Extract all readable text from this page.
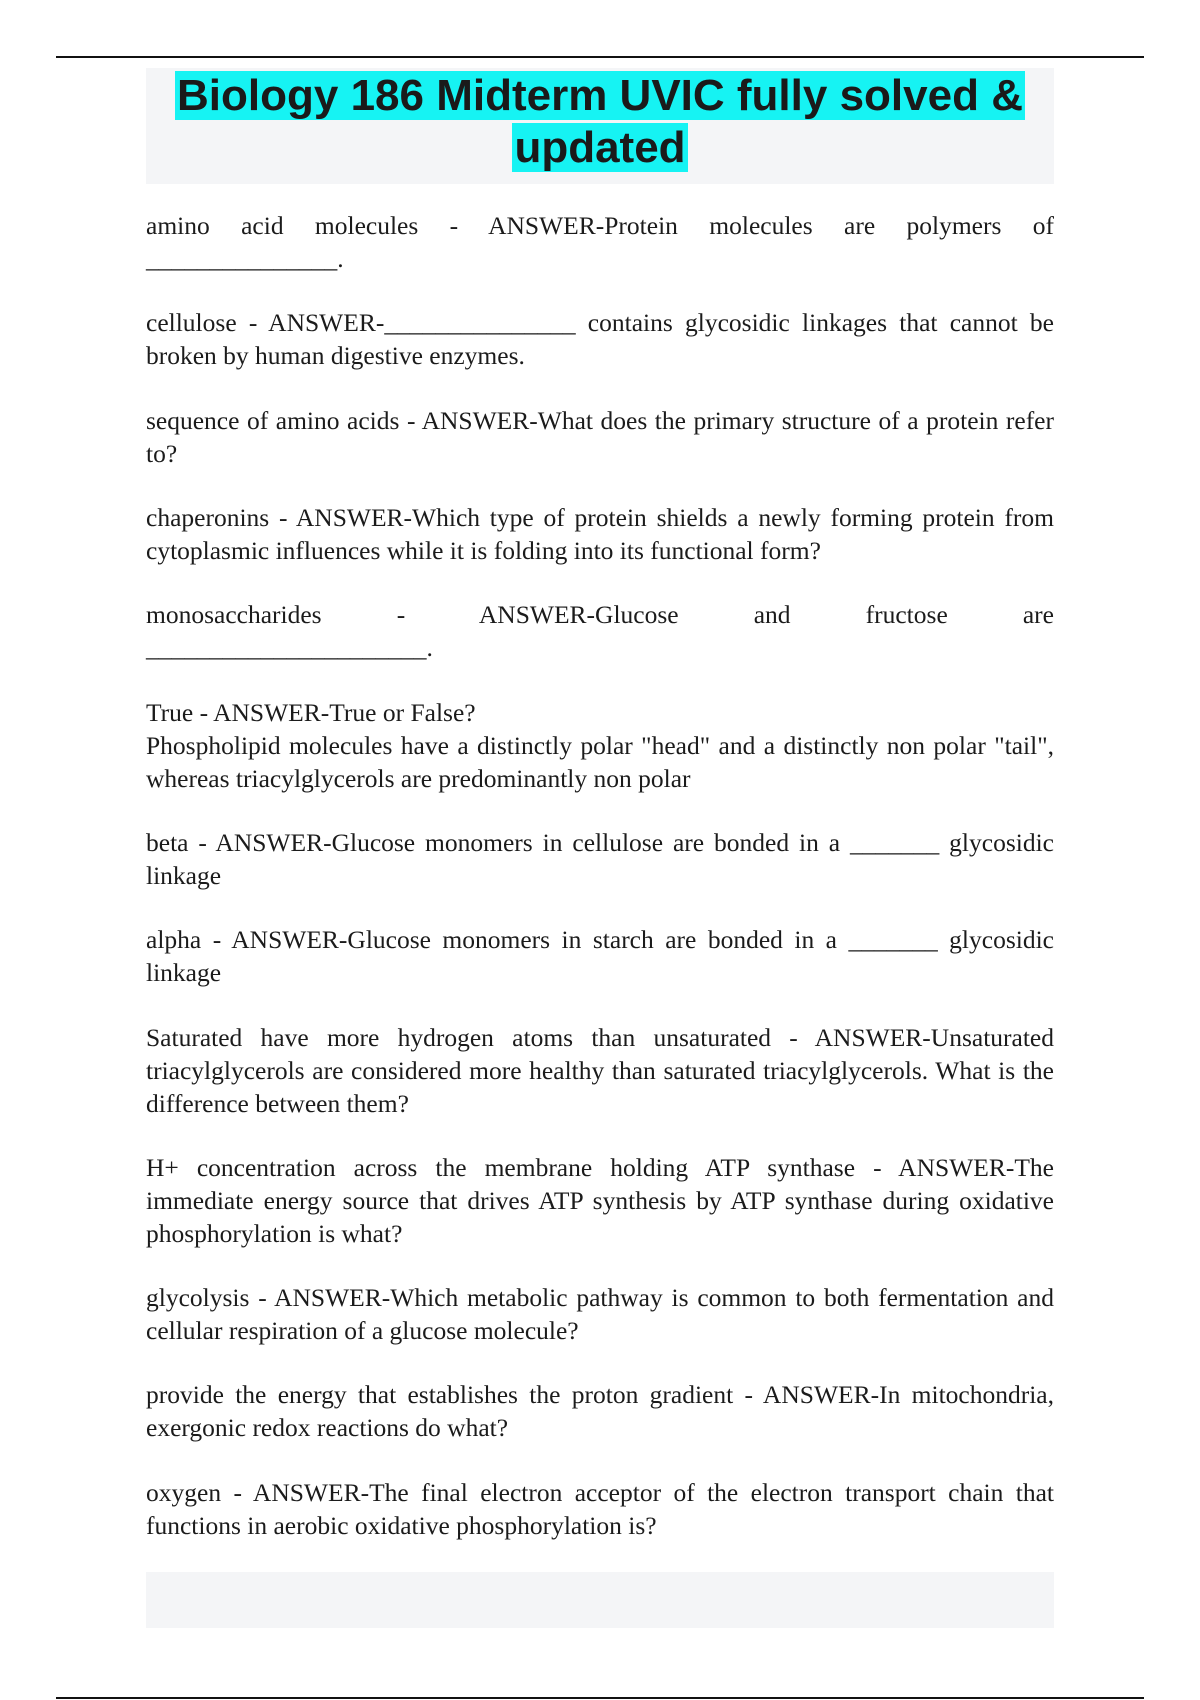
Biology 186 Midterm UVIC fully solved & updated

amino acid molecules - ANSWER-Protein molecules are polymers of

_______________.

cellulose - ANSWER-_______________ contains glycosidic linkages that cannot be broken by human digestive enzymes.

sequence of amino acids - ANSWER-What does the primary structure of a protein refer to?

chaperonins - ANSWER-Which type of protein shields a newly forming protein from cytoplasmic influences while it is folding into its functional form?

monosaccharides - ANSWER-Glucose and fructose are

______________________.

True - ANSWER-True or False?

Phospholipid molecules have a distinctly polar "head" and a distinctly non polar "tail", whereas triacylglycerols are predominantly non polar

beta - ANSWER-Glucose monomers in cellulose are bonded in a _______ glycosidic linkage

alpha - ANSWER-Glucose monomers in starch are bonded in a _______ glycosidic linkage

Saturated have more hydrogen atoms than unsaturated - ANSWER-Unsaturated triacylglycerols are considered more healthy than saturated triacylglycerols. What is the difference between them?

H+ concentration across the membrane holding ATP synthase - ANSWER-The immediate energy source that drives ATP synthesis by ATP synthase during oxidative phosphorylation is what?

glycolysis - ANSWER-Which metabolic pathway is common to both fermentation and cellular respiration of a glucose molecule?

provide the energy that establishes the proton gradient - ANSWER-In mitochondria, exergonic redox reactions do what?

oxygen - ANSWER-The final electron acceptor of the electron transport chain that functions in aerobic oxidative phosphorylation is?
